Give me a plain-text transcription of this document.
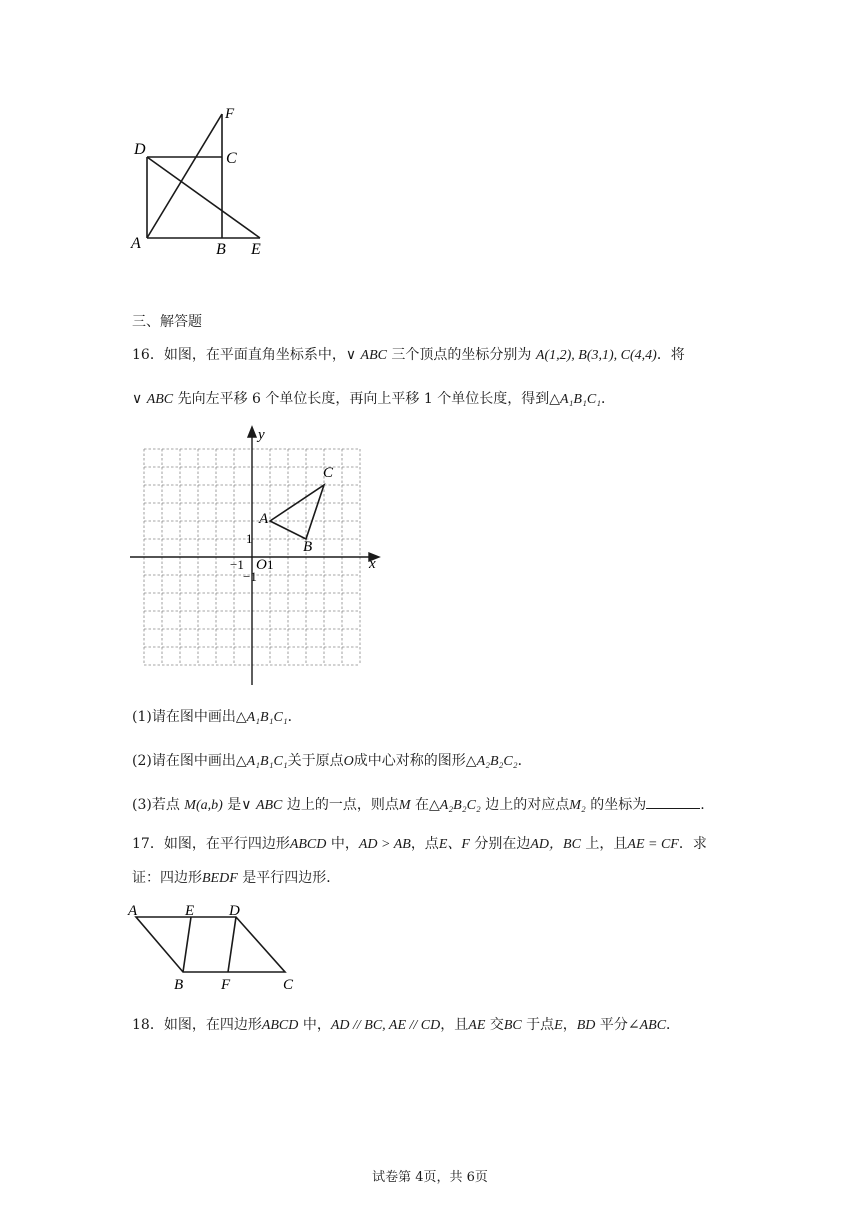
F
D
C
A	B E
三、解答题
16．如图，在平面直角坐标系中，∨ ABC 三个顶点的坐标分别为 A(1,2), B(3,1), C(4,4)．将
∨ ABC 先向左平移 6 个单位长度，再向上平移 1 个单位长度，得到△A₁B₁C₁．
y
x
O
−1 1
1
−1
A
B
C
(1)请在图中画出△A₁B₁C₁．
(2)请在图中画出△A₁B₁C₁关于原点O成中心对称的图形△A₂B₂C₂．
(3)若点 M(a,b) 是∨ ABC 边上的一点，则点M 在△A₂B₂C₂ 边上的对应点M₂ 的坐标为	.
17．如图，在平行四边形ABCD 中，AD > AB，点E、F 分别在边AD，BC 上，且AE = CF．求
证：四边形BEDF 是平行四边形．
A	E D
B	F	C
18．如图，在四边形ABCD 中，AD // BC, AE // CD，且AE 交BC 于点E，BD 平分∠ABC．
试卷第 4页，共 6页
